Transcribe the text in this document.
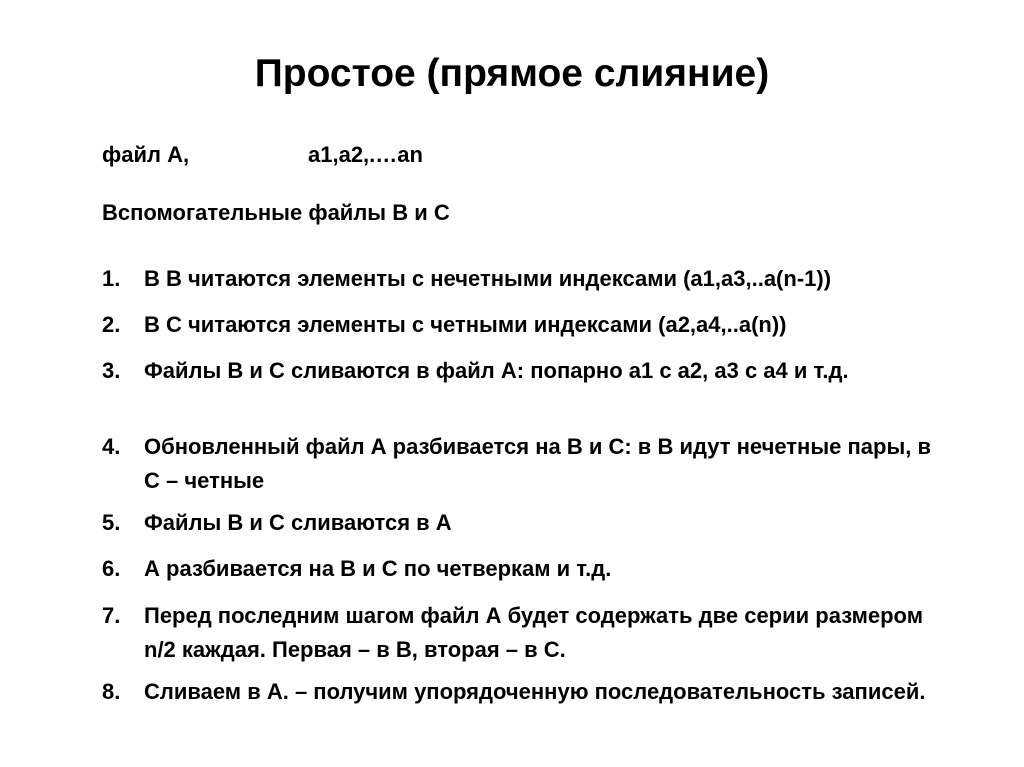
Простое (прямое слияние)
файл А,	a1,a2,.…an
Вспомогательные файлы В и С
1.	В В читаются элементы с нечетными индексами (a1,a3,..a(n-1))
2.	В С читаются элементы с четными индексами (a2,a4,..a(n))
3.	Файлы В и С сливаются в файл А: попарно a1 с a2, a3 с a4 и т.д.
4.	Обновленный файл А разбивается на В и С: в В идут нечетные пары, в С – четные
5.	Файлы В и С сливаются в А
6.	А разбивается на В и С по четверкам и т.д.
7.	Перед последним шагом файл А будет содержать две серии размером n/2 каждая. Первая – в В, вторая – в С.
8.	Сливаем в А. – получим упорядоченную последовательность записей.
